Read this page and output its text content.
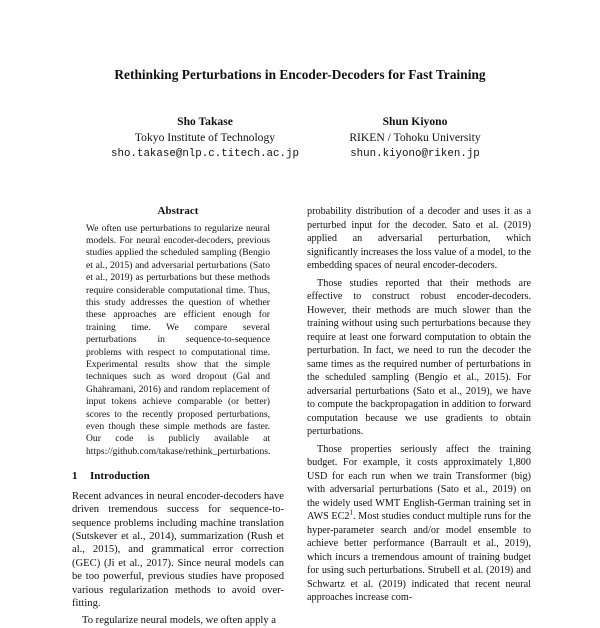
Rethinking Perturbations in Encoder-Decoders for Fast Training
Sho Takase
Tokyo Institute of Technology
sho.takase@nlp.c.titech.ac.jp
Shun Kiyono
RIKEN / Tohoku University
shun.kiyono@riken.jp
Abstract
We often use perturbations to regularize neural models. For neural encoder-decoders, previous studies applied the scheduled sampling (Bengio et al., 2015) and adversarial perturbations (Sato et al., 2019) as perturbations but these methods require considerable computational time. Thus, this study addresses the question of whether these approaches are efficient enough for training time. We compare several perturbations in sequence-to-sequence problems with respect to computational time. Experimental results show that the simple techniques such as word dropout (Gal and Ghahramani, 2016) and random replacement of input tokens achieve comparable (or better) scores to the recently proposed perturbations, even though these simple methods are faster. Our code is publicly available at https://github.com/takase/rethink_perturbations.
1 Introduction

Recent advances in neural encoder-decoders have driven tremendous success for sequence-to-sequence problems including machine translation (Sutskever et al., 2014), summarization (Rush et al., 2015), and grammatical error correction (GEC) (Ji et al., 2017). Since neural models can be too powerful, previous studies have proposed various regularization methods to avoid over-fitting.

To regularize neural models, we often apply a

probability distribution of a decoder and uses it as a perturbed input for the decoder. Sato et al. (2019) applied an adversarial perturbation, which significantly increases the loss value of a model, to the embedding spaces of neural encoder-decoders.

Those studies reported that their methods are effective to construct robust encoder-decoders. However, their methods are much slower than the training without using such perturbations because they require at least one forward computation to obtain the perturbation. In fact, we need to run the decoder the same times as the required number of perturbations in the scheduled sampling (Bengio et al., 2015). For adversarial perturbations (Sato et al., 2019), we have to compute the backpropagation in addition to forward computation because we use gradients to obtain perturbations.

Those properties seriously affect the training budget. For example, it costs approximately 1,800 USD for each run when we train Transformer (big) with adversarial perturbations (Sato et al., 2019) on the widely used WMT English-German training set in AWS $EC2^1$. Most studies conduct multiple runs for the hyper-parameter search and/or model ensemble to achieve better performance (Barrault et al., 2019), which incurs a tremendous amount of training budget for using such perturbations. Strubell et al. (2019) and Schwartz et al. (2019) indicated that recent neural approaches increase com-
